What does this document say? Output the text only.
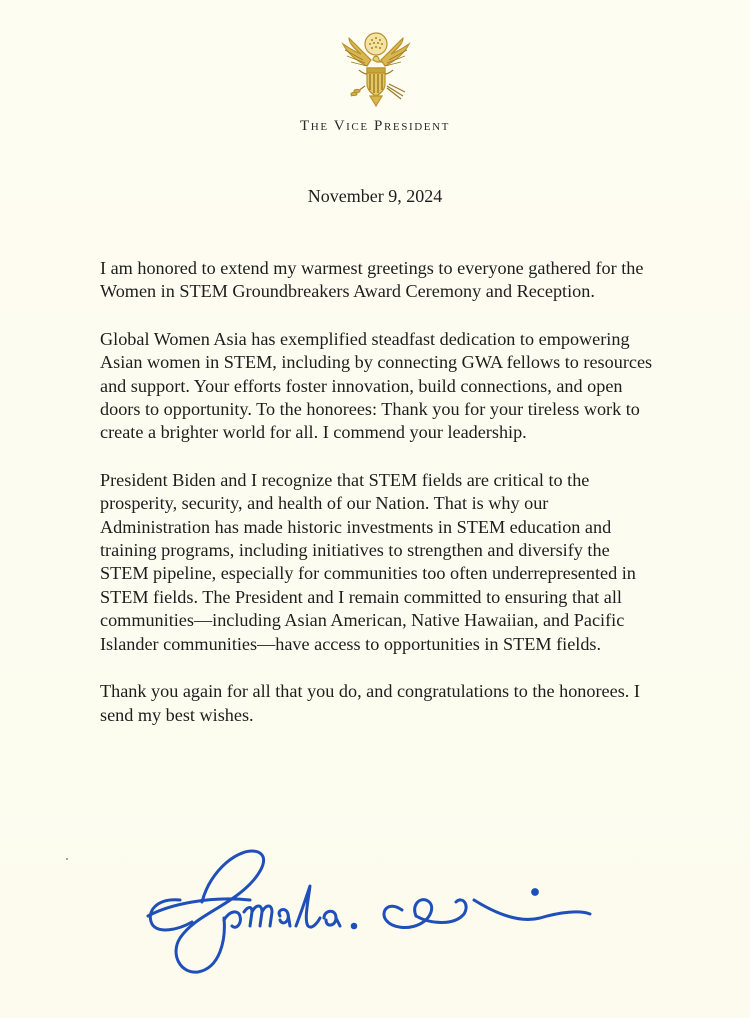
The Vice President
November 9, 2024

I am honored to extend my warmest greetings to everyone gathered for the Women in STEM Groundbreakers Award Ceremony and Reception.

Global Women Asia has exemplified steadfast dedication to empowering Asian women in STEM, including by connecting GWA fellows to resources and support. Your efforts foster innovation, build connections, and open doors to opportunity. To the honorees: Thank you for your tireless work to create a brighter world for all. I commend your leadership.

President Biden and I recognize that STEM fields are critical to the prosperity, security, and health of our Nation. That is why our Administration has made historic investments in STEM education and training programs, including initiatives to strengthen and diversify the STEM pipeline, especially for communities too often underrepresented in STEM fields. The President and I remain committed to ensuring that all communities—including Asian American, Native Hawaiian, and Pacific Islander communities—have access to opportunities in STEM fields.

Thank you again for all that you do, and congratulations to the honorees. I send my best wishes.
